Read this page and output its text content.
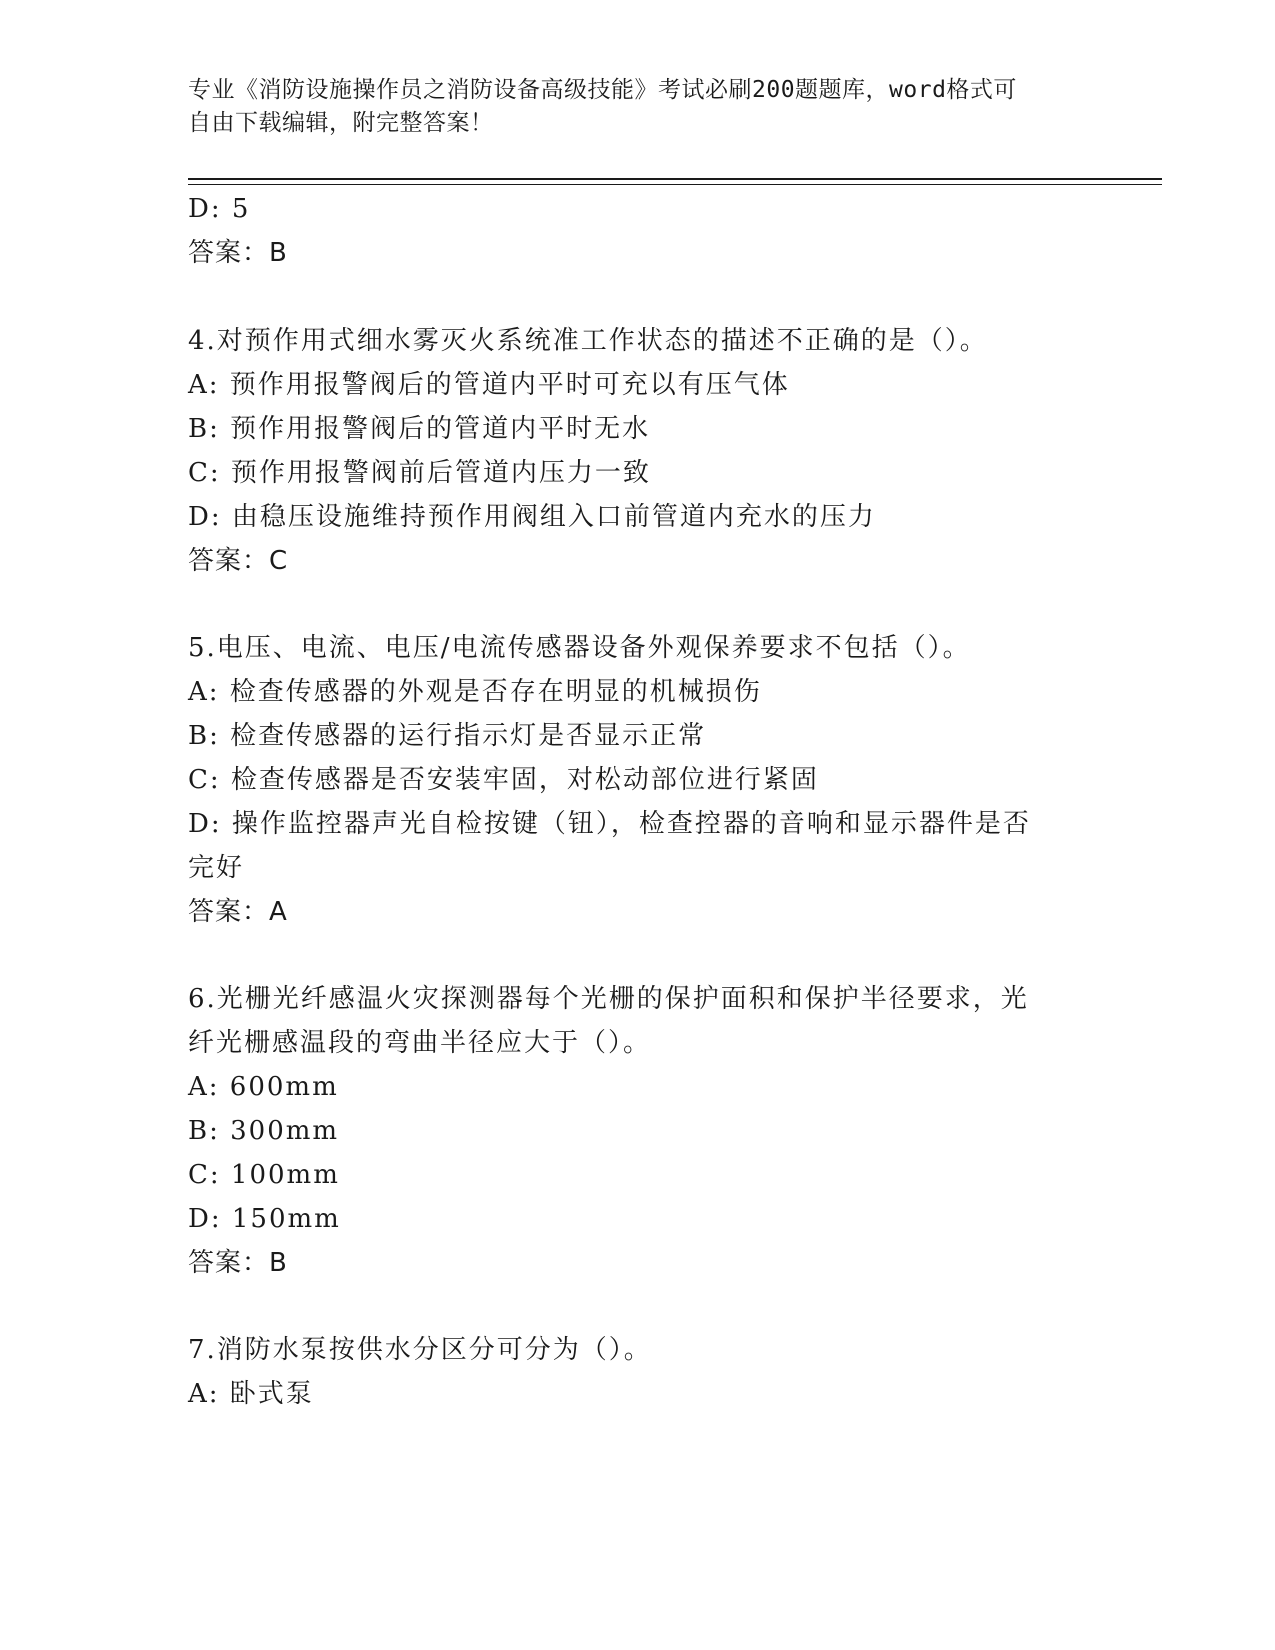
专业《消防设施操作员之消防设备高级技能》考试必刷200题题库，word格式可
自由下载编辑，附完整答案！
D: 5
答案：B
4.对预作用式细水雾灭火系统准工作状态的描述不正确的是（）。
A: 预作用报警阀后的管道内平时可充以有压气体
B: 预作用报警阀后的管道内平时无水
C: 预作用报警阀前后管道内压力一致
D: 由稳压设施维持预作用阀组入口前管道内充水的压力
答案：C
5.电压、电流、电压/电流传感器设备外观保养要求不包括（）。
A: 检查传感器的外观是否存在明显的机械损伤
B: 检查传感器的运行指示灯是否显示正常
C: 检查传感器是否安装牢固，对松动部位进行紧固
D: 操作监控器声光自检按键（钮），检查控器的音响和显示器件是否
完好
答案：A
6.光栅光纤感温火灾探测器每个光栅的保护面积和保护半径要求，光
纤光栅感温段的弯曲半径应大于（）。
A: 600mm
B: 300mm
C: 100mm
D: 150mm
答案：B
7.消防水泵按供水分区分可分为（）。
A: 卧式泵
